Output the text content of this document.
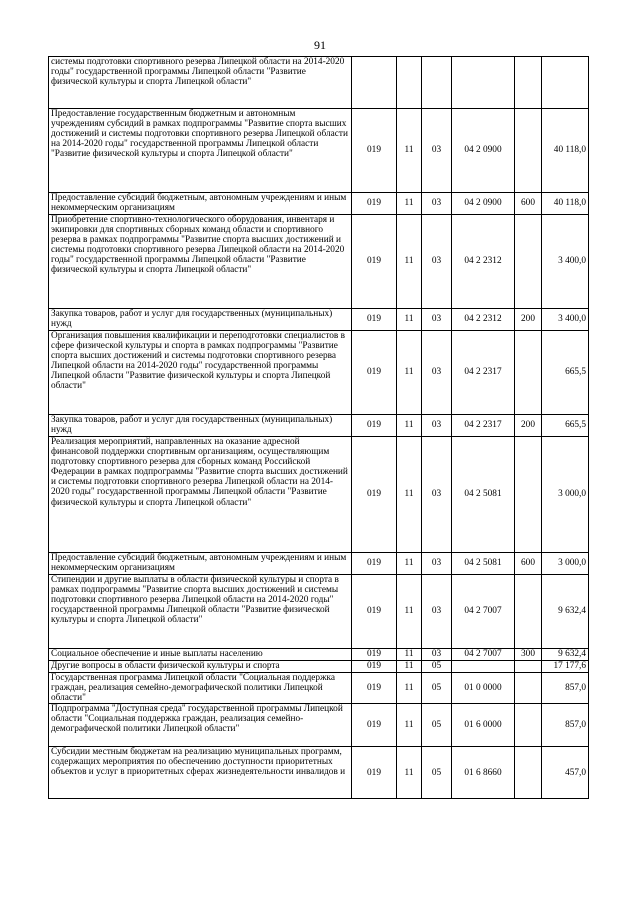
91
системы подготовки спортивного резерва Липецкой области на 2014-2020 годы" государственной программы Липецкой области "Развитие физической культуры и спорта Липецкой области"						
Предоставление государственным бюджетным и автономным учреждениям субсидий в рамках подпрограммы "Развитие спорта высших достижений и системы подготовки спортивного резерва Липецкой области на 2014-2020 годы" государственной программы Липецкой области "Развитие физической культуры и спорта Липецкой области"	019	11	03	04 2 0900		40 118,0
Предоставление субсидий бюджетным, автономным учреждениям и иным некоммерческим организациям	019	11	03	04 2 0900	600	40 118,0
Приобретение спортивно-технологического оборудования, инвентаря и экипировки для спортивных сборных команд области и спортивного резерва в рамках подпрограммы "Развитие спорта высших достижений и системы подготовки спортивного резерва Липецкой области на 2014-2020 годы" государственной программы Липецкой области "Развитие физической культуры и спорта Липецкой области"	019	11	03	04 2 2312		3 400,0
Закупка товаров, работ и услуг для государственных (муниципальных) нужд	019	11	03	04 2 2312	200	3 400,0
Организация повышения квалификации и переподготовки специалистов в сфере физической культуры и спорта в рамках подпрограммы "Развитие спорта высших достижений и системы подготовки спортивного резерва Липецкой области на 2014-2020 годы" государственной программы Липецкой области "Развитие физической культуры и спорта Липецкой области"	019	11	03	04 2 2317		665,5
Закупка товаров, работ и услуг для государственных (муниципальных) нужд	019	11	03	04 2 2317	200	665,5
Реализация мероприятий, направленных на оказание адресной финансовой поддержки спортивным организациям, осуществляющим подготовку спортивного резерва для сборных команд Российской Федерации в рамках подпрограммы "Развитие спорта высших достижений и системы подготовки спортивного резерва Липецкой области на 2014-2020 годы" государственной программы Липецкой области "Развитие физической культуры и спорта Липецкой области"	019	11	03	04 2 5081		3 000,0
Предоставление субсидий бюджетным, автономным учреждениям и иным некоммерческим организациям	019	11	03	04 2 5081	600	3 000,0
Стипендии и другие выплаты в области физической культуры и спорта в рамках подпрограммы "Развитие спорта высших достижений и системы подготовки спортивного резерва Липецкой области на 2014-2020 годы" государственной программы Липецкой области "Развитие физической культуры и спорта Липецкой области"	019	11	03	04 2 7007		9 632,4
Социальное обеспечение и иные выплаты населению	019	11	03	04 2 7007	300	9 632,4
Другие вопросы в области физической культуры и спорта	019	11	05			17 177,6
Государственная программа Липецкой области "Социальная поддержка граждан, реализация семейно-демографической политики Липецкой области"	019	11	05	01 0 0000		857,0
Подпрограмма "Доступная среда" государственной программы Липецкой области "Социальная поддержка граждан, реализация семейно-демографической политики Липецкой области"	019	11	05	01 6 0000		857,0
Субсидии местным бюджетам на реализацию муниципальных программ, содержащих мероприятия по обеспечению доступности приоритетных объектов и услуг в приоритетных сферах жизнедеятельности инвалидов и	019	11	05	01 6 8660		457,0
